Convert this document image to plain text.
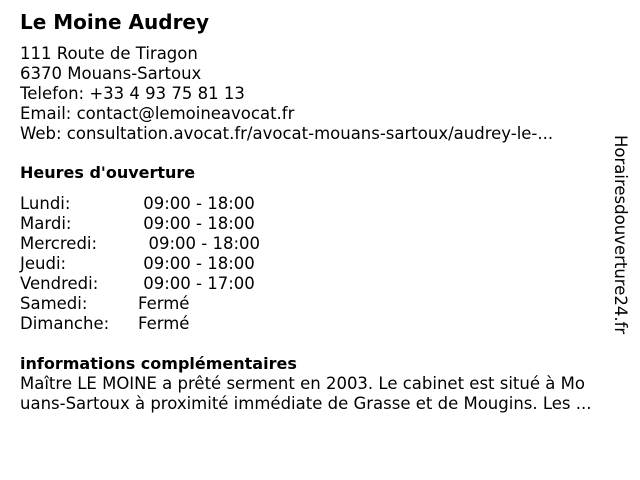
Le Moine Audrey
111 Route de Tiragon
6370 Mouans-Sartoux
Telefon: +33 4 93 75 81 13
Email: contact@lemoineavocat.fr
Web: consultation.avocat.fr/avocat-mouans-sartoux/audrey-le-...
Heures d'ouverture
Lundi:	09:00 - 18:00
Mardi:	09:00 - 18:00
Mercredi:	09:00 - 18:00
Jeudi:	09:00 - 18:00
Vendredi:	09:00 - 17:00
Samedi:	Fermé
Dimanche:	Fermé
informations complémentaires
Maître LE MOINE a prêté serment en 2003. Le cabinet est situé à Mo
uans-Sartoux à proximité immédiate de Grasse et de Mougins. Les ...
Horairesdouverture24.fr
